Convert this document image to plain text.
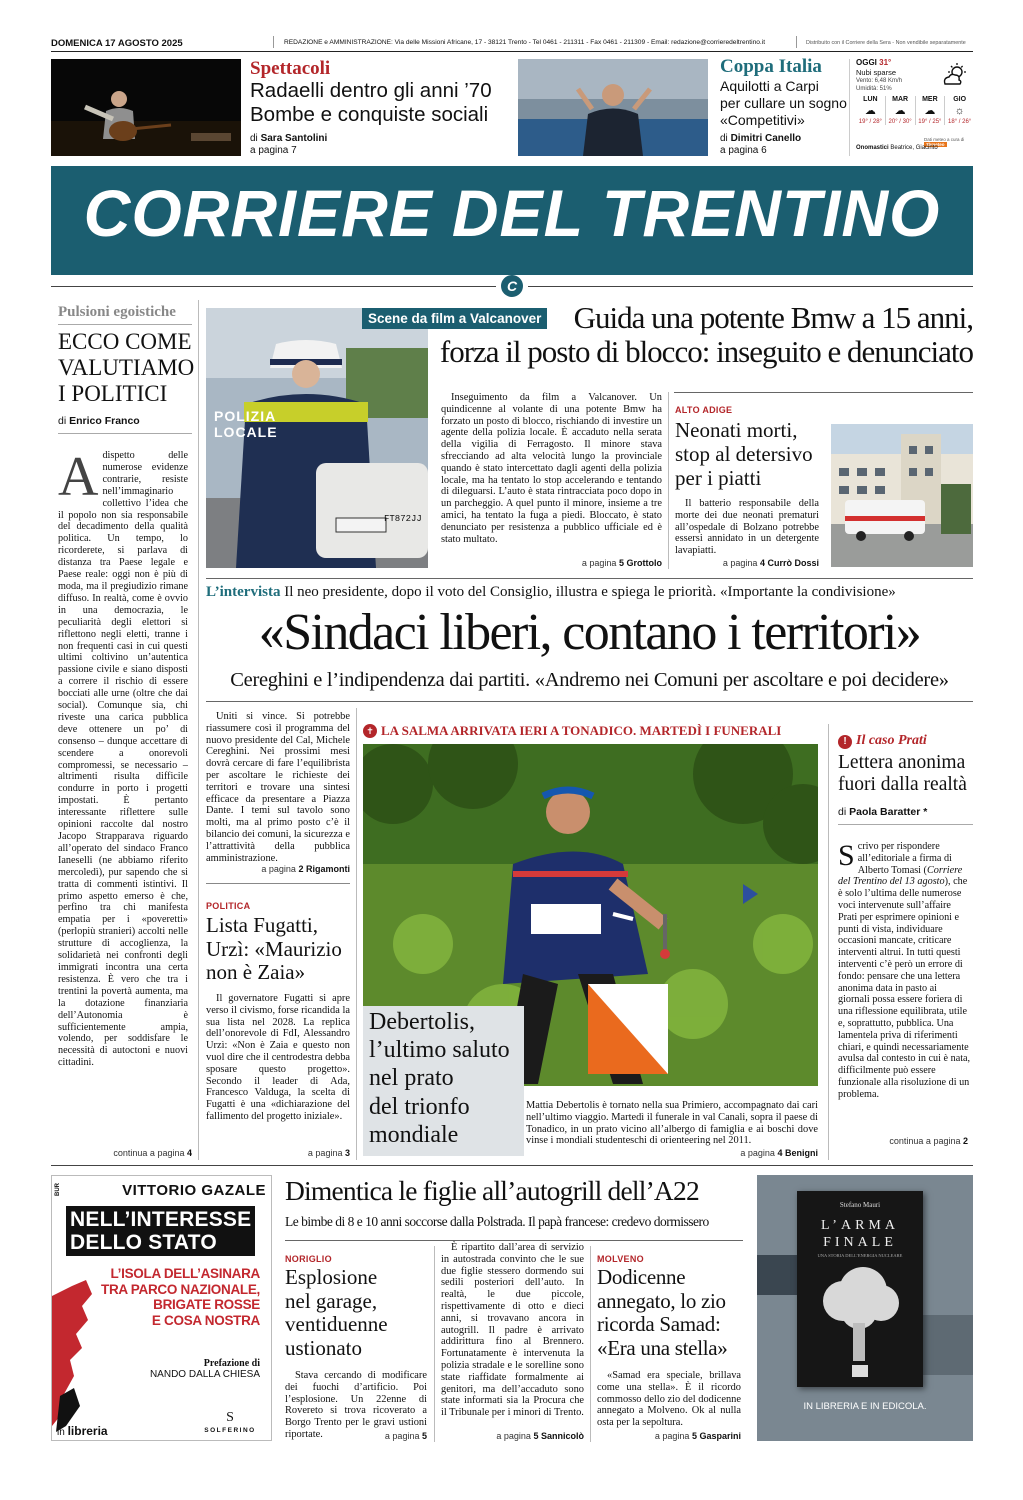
DOMENICA 17 AGOSTO 2025	REDAZIONE e AMMINISTRAZIONE: Via delle Missioni Africane, 17 - 38121 Trento - Tel 0461 - 211311 - Fax 0461 - 211309 - Email: redazione@corrieredeltrentino.it	Distribuito con il Corriere della Sera - Non vendibile separatamente
Spettacoli
Radaelli dentro gli anni ’70
Bombe e conquiste sociali
di Sara Santolini
a pagina 7
Coppa Italia
Aquilotti a Carpi
per cullare un sogno
«Competitivi»
di Dimitri Canello
a pagina 6
OGGI 31°
Nubi sparse
Vento: 6,48 Km/h
Umidità: 51%
LUN
☁
19° / 28°
MAR
☁
20° / 30°
MER
☁
19° / 25°
GIO
☼
18° / 26°
Dati meteo a cura di 3bmeteo
Onomastici Beatrice, Giacinto
CORRIERE DEL TRENTINO
C
Pulsioni egoistiche
ECCO COME
VALUTIAMO
I POLITICI
di Enrico Franco
A dispetto delle numerose evidenze contrarie, resiste nell’immaginario collettivo l’idea che il popolo non sia responsabile del decadimento della qualità politica. Un tempo, lo ricorderete, si parlava di distanza tra Paese legale e Paese reale: oggi non è più di moda, ma il pregiudizio rimane diffuso. In realtà, come è ovvio in una democrazia, le peculiarità degli elettori si riflettono negli eletti, tranne i non frequenti casi in cui questi ultimi coltivino un’autentica passione civile e siano disposti a correre il rischio di essere bocciati alle urne (oltre che dai social). Comunque sia, chi riveste una carica pubblica deve ottenere un po’ di consenso – dunque accettare di scendere a onorevoli compromessi, se necessario – altrimenti risulta difficile condurre in porto i progetti impostati. È pertanto interessante riflettere sulle opinioni raccolte dal nostro Jacopo Strapparava riguardo all’operato del sindaco Franco Ianeselli (ne abbiamo riferito mercoledì), pur sapendo che si tratta di commenti istintivi. Il primo aspetto emerso è che, perfino tra chi manifesta empatia per i «poveretti» (perlopiù stranieri) accolti nelle strutture di accoglienza, la solidarietà nei confronti degli immigrati incontra una certa resistenza. È vero che tra i trentini la povertà aumenta, ma la dotazione finanziaria dell’Autonomia è sufficientemente ampia, volendo, per soddisfare le necessità di autoctoni e nuovi cittadini.

continua a pagina 4
POLIZIA LOCALE
FT872JJ
Scene da film a Valcanover	Guida una potente Bmw a 15 anni,
forza il posto di blocco: inseguito e denunciato

Inseguimento da film a Valcanover. Un quindicenne al volante di una potente Bmw ha forzato un posto di blocco, rischiando di investire un agente della polizia locale. È accaduto nella serata della vigilia di Ferragosto. Il minore stava sfrecciando ad alta velocità lungo la provinciale quando è stato intercettato dagli agenti della polizia locale, ma ha tentato lo stop accelerando e tentando di dileguarsi. L’auto è stata rintracciata poco dopo in un parcheggio. A quel punto il minore, insieme a tre amici, ha tentato la fuga a piedi. Bloccato, è stato denunciato per resistenza a pubblico ufficiale ed è stato multato.

a pagina 5 Grottolo
ALTO ADIGE
Neonati morti,
stop al detersivo
per i piatti

Il batterio responsabile della morte dei due neonati prematuri all’ospedale di Bolzano potrebbe essersi annidato in un detergente lavapiatti.

a pagina 4 Currò Dossi
L’intervista Il neo presidente, dopo il voto del Consiglio, illustra e spiega le priorità. «Importante la condivisione»
«Sindaci liberi, contano i territori»
Cereghini e l’indipendenza dai partiti. «Andremo nei Comuni per ascoltare e poi decidere»

Uniti si vince. Si potrebbe riassumere così il programma del nuovo presidente del Cal, Michele Cereghini. Nei prossimi mesi dovrà cercare di fare l’equilibrista per ascoltare le richieste dei territori e trovare una sintesi efficace da presentare a Piazza Dante. I temi sul tavolo sono molti, ma al primo posto c’è il bilancio dei comuni, la sicurezza e l’attrattività della pubblica amministrazione.

a pagina 2 Rigamonti
POLITICA
Lista Fugatti,
Urzì: «Maurizio
non è Zaia»

Il governatore Fugatti si apre verso il civismo, forse ricandida la sua lista nel 2028. La replica dell’onorevole di FdI, Alessandro Urzì: «Non è Zaia e questo non vuol dire che il centrodestra debba sposare questo progetto». Secondo il leader di Ada, Francesco Valduga, la scelta di Fugatti è una «dichiarazione del fallimento del progetto iniziale».

a pagina 3
✝ LA SALMA ARRIVATA IERI A TONADICO. MARTEDÌ I FUNERALI
Debertolis,
l’ultimo saluto
nel prato
del trionfo
mondiale

Mattia Debertolis è tornato nella sua Primiero, accompagnato dai cari nell’ultimo viaggio. Martedì il funerale in val Canali, sopra il paese di Tonadico, in un prato vicino all’albergo di famiglia e ai boschi dove vinse i mondiali studenteschi di orienteering nel 2011.

a pagina 4 Benigni
! Il caso Prati
Lettera anonima
fuori dalla realtà
di Paola Baratter *
S crivo per rispondere all’editoriale a firma di Alberto Tomasi (Corriere del Trentino del 13 agosto), che è solo l’ultima delle numerose voci intervenute sull’affaire Prati per esprimere opinioni e punti di vista, individuare occasioni mancate, criticare interventi altrui. In tutti questi interventi c’è però un errore di fondo: pensare che una lettera anonima data in pasto ai giornali possa essere foriera di una riflessione equilibrata, utile e, soprattutto, pubblica. Una lamentela priva di riferimenti chiari, e quindi necessariamente avulsa dal contesto in cui è nata, difficilmente può essere funzionale alla risoluzione di un problema.

continua a pagina 2
BUR	VITTORIO GAZALE
NELL’INTERESSE
DELLO STATO
L’ISOLA DELL’ASINARA
TRA PARCO NAZIONALE,
BRIGATE ROSSE
E COSA NOSTRA
Prefazione di
NANDO DALLA CHIESA
in libreria
S
SOLFERINO
Dimentica le figlie all’autogrill dell’A22
Le bimbe di 8 e 10 anni soccorse dalla Polstrada. Il papà francese: credevo dormissero
NORIGLIO
Esplosione
nel garage,
ventiduenne
ustionato

Stava cercando di modificare dei fuochi d’artificio. Poi l’esplosione. Un 22enne di Rovereto si trova ricoverato a Borgo Trento per le gravi ustioni riportate.	a pagina 5

È ripartito dall’area di servizio in autostrada convinto che le sue due figlie stessero dormendo sui sedili posteriori dell’auto. In realtà, le due piccole, rispettivamente di otto e dieci anni, si trovavano ancora in autogrill. Il padre è arrivato addirittura fino al Brennero. Fortunatamente è intervenuta la polizia stradale e le sorelline sono state riaffidate formalmente ai genitori, ma dell’accaduto sono state informati sia la Procura che il Tribunale per i minori di Trento.

a pagina 5 Sannicolò
MOLVENO
Dodicenne
annegato, lo zio
ricorda Samad:
«Era una stella»

«Samad era speciale, brillava come una stella». È il ricordo commosso dello zio del dodicenne annegato a Molveno. Ok al nulla osta per la sepoltura.

a pagina 5 Gasparini
Stefano Mauri
L’ARMA FINALE
UNA STORIA DELL’ENERGIA NUCLEARE
IN LIBRERIA E IN EDICOLA.
